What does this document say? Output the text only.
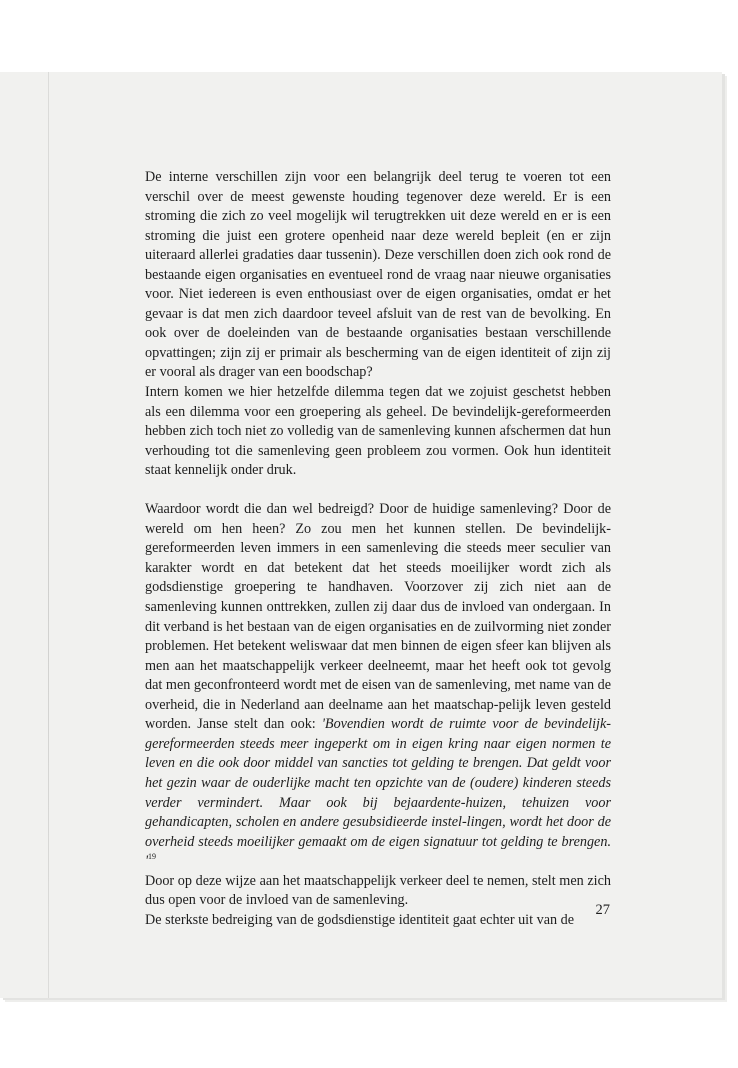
De interne verschillen zijn voor een belangrijk deel terug te voeren tot een verschil over de meest gewenste houding tegenover deze wereld. Er is een stroming die zich zo veel mogelijk wil terugtrekken uit deze wereld en er is een stroming die juist een grotere openheid naar deze wereld bepleit (en er zijn uiteraard allerlei gradaties daar tussenin). Deze verschillen doen zich ook rond de bestaande eigen organisaties en eventueel rond de vraag naar nieuwe organisaties voor. Niet iedereen is even enthousiast over de eigen organisaties, omdat er het gevaar is dat men zich daardoor teveel afsluit van de rest van de bevolking. En ook over de doeleinden van de bestaande organisaties bestaan verschillende opvattingen; zijn zij er primair als bescherming van de eigen identiteit of zijn zij er vooral als drager van een boodschap?

Intern komen we hier hetzelfde dilemma tegen dat we zojuist geschetst hebben als een dilemma voor een groepering als geheel. De bevindelijk-gereformeerden hebben zich toch niet zo volledig van de samenleving kunnen afschermen dat hun verhouding tot die samenleving geen probleem zou vormen. Ook hun identiteit staat kennelijk onder druk.

Waardoor wordt die dan wel bedreigd? Door de huidige samenleving? Door de wereld om hen heen? Zo zou men het kunnen stellen. De bevindelijk-gereformeerden leven immers in een samenleving die steeds meer seculier van karakter wordt en dat betekent dat het steeds moeilijker wordt zich als godsdienstige groepering te handhaven. Voorzover zij zich niet aan de samenleving kunnen onttrekken, zullen zij daar dus de invloed van ondergaan. In dit verband is het bestaan van de eigen organisaties en de zuilvorming niet zonder problemen. Het betekent weliswaar dat men binnen de eigen sfeer kan blijven als men aan het maatschappelijk verkeer deelneemt, maar het heeft ook tot gevolg dat men geconfronteerd wordt met de eisen van de samenleving, met name van de overheid, die in Nederland aan deelname aan het maatschap-pelijk leven gesteld worden. Janse stelt dan ook: 'Bovendien wordt de ruimte voor de bevindelijk-gereformeerden steeds meer ingeperkt om in eigen kring naar eigen normen te leven en die ook door middel van sancties tot gelding te brengen. Dat geldt voor het gezin waar de ouderlijke macht ten opzichte van de (oudere) kinderen steeds verder vermindert. Maar ook bij bejaardente-huizen, tehuizen voor gehandicapten, scholen en andere gesubsidieerde instel-lingen, wordt het door de overheid steeds moeilijker gemaakt om de eigen signatuur tot gelding te brengen. '$^{19}$

Door op deze wijze aan het maatschappelijk verkeer deel te nemen, stelt men zich dus open voor de invloed van de samenleving.

De sterkste bedreiging van de godsdienstige identiteit gaat echter uit van de

27
